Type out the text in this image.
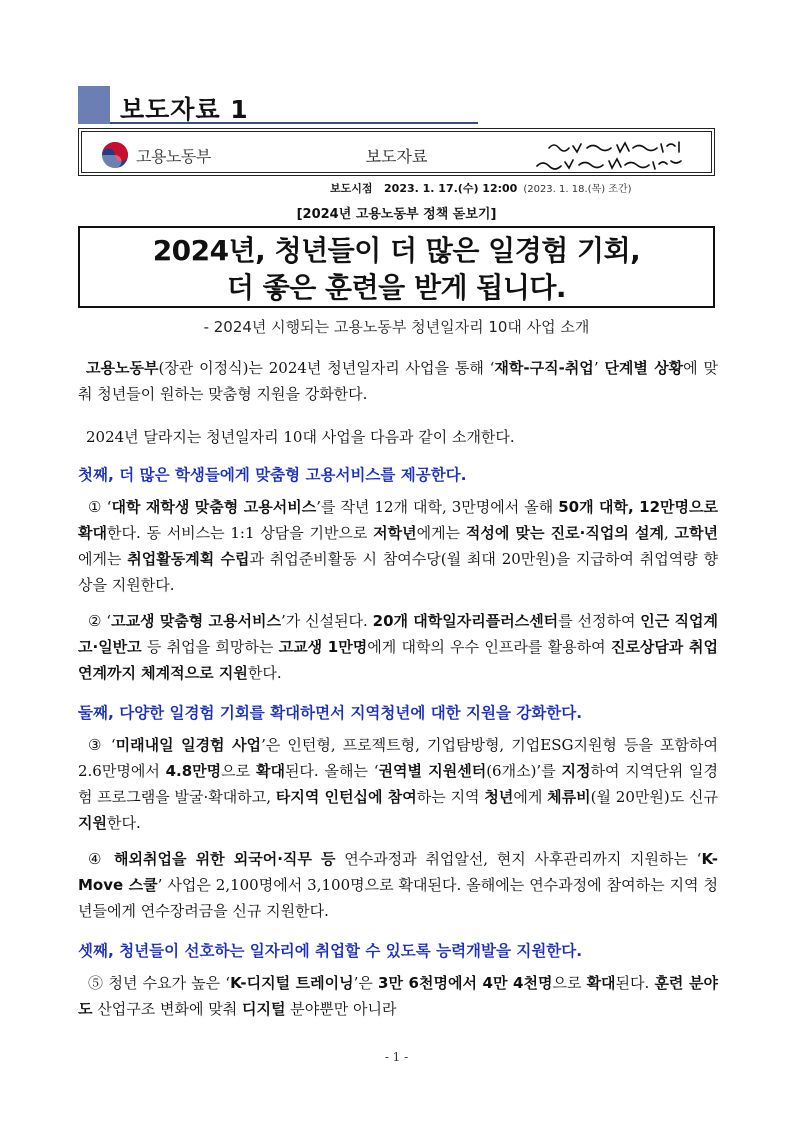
보도자료 1
고용노동부	보도자료
보도시점 2023. 1. 17.(수) 12:00 (2023. 1. 18.(목) 조간)
[2024년 고용노동부 정책 돋보기]
2024년, 청년들이 더 많은 일경험 기회,
더 좋은 훈련을 받게 됩니다.
- 2024년 시행되는 고용노동부 청년일자리 10대 사업 소개
고용노동부(장관 이정식)는 2024년 청년일자리 사업을 통해 ‘재학-구직-취업’ 단계별 상황에 맞춰 청년들이 원하는 맞춤형 지원을 강화한다.
2024년 달라지는 청년일자리 10대 사업을 다음과 같이 소개한다.
첫째, 더 많은 학생들에게 맞춤형 고용서비스를 제공한다.
① ‘대학 재학생 맞춤형 고용서비스’를 작년 12개 대학, 3만명에서 올해 50개 대학, 12만명으로 확대한다. 동 서비스는 1:1 상담을 기반으로 저학년에게는 적성에 맞는 진로·직업의 설계, 고학년에게는 취업활동계획 수립과 취업준비활동 시 참여수당(월 최대 20만원)을 지급하여 취업역량 향상을 지원한다.
② ‘고교생 맞춤형 고용서비스’가 신설된다. 20개 대학일자리플러스센터를 선정하여 인근 직업계고·일반고 등 취업을 희망하는 고교생 1만명에게 대학의 우수 인프라를 활용하여 진로상담과 취업연계까지 체계적으로 지원한다.
둘째, 다양한 일경험 기회를 확대하면서 지역청년에 대한 지원을 강화한다.
③ ‘미래내일 일경험 사업’은 인턴형, 프로젝트형, 기업탐방형, 기업ESG지원형 등을 포함하여 2.6만명에서 4.8만명으로 확대된다. 올해는 ‘권역별 지원센터(6개소)’를 지정하여 지역단위 일경험 프로그램을 발굴·확대하고, 타지역 인턴십에 참여하는 지역 청년에게 체류비(월 20만원)도 신규 지원한다.
④ 해외취업을 위한 외국어·직무 등 연수과정과 취업알선, 현지 사후관리까지 지원하는 ‘K-Move 스쿨’ 사업은 2,100명에서 3,100명으로 확대된다. 올해에는 연수과정에 참여하는 지역 청년들에게 연수장려금을 신규 지원한다.
셋째, 청년들이 선호하는 일자리에 취업할 수 있도록 능력개발을 지원한다.
⑤ 청년 수요가 높은 ‘K-디지털 트레이닝’은 3만 6천명에서 4만 4천명으로 확대된다. 훈련 분야도 산업구조 변화에 맞춰 디지털 분야뿐만 아니라
- 1 -
